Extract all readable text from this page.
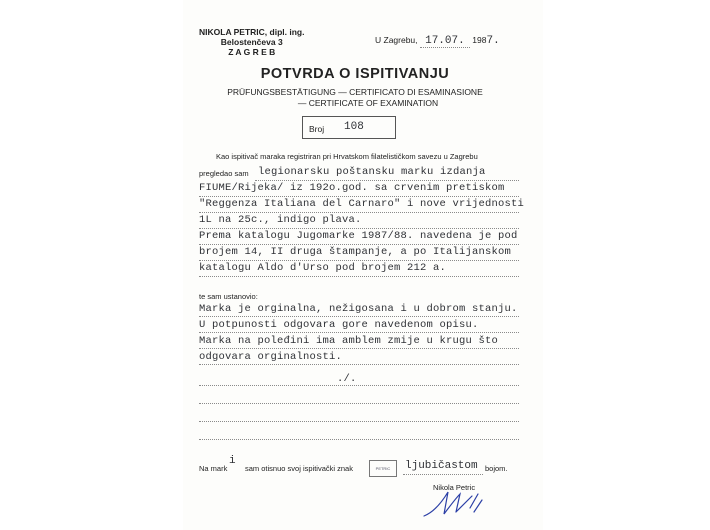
NIKOLA PETRIC, dipl. ing.
Belostenčeva 3
Z A G R E B
U Zagrebu, 17.07. 1987.
POTVRDA O ISPITIVANJU
PRÜFUNGSBESTÄTIGUNG — CERTIFICATO DI ESAMINASIONE
— CERTIFICATE OF EXAMINATION
Broj 108
Kao ispitivač maraka registriran pri Hrvatskom filatelističkom savezu u Zagrebu
pregledao sam legionarsku poštansku marku izdanja
FIUME/Rijeka/ iz 192o.god. sa crvenim pretiskom
"Reggenza Italiana del Carnaro" i nove vrijednosti
1L na 25c., indigo plava.
Prema katalogu Jugomarke 1987/88. navedena je pod
brojem 14, II druga štampanje, a po Italijanskom
katalogu Aldo d'Urso pod brojem 212 a.
te sam ustanovio:
Marka je orginalna, nežigosana i u dobrom stanju.
U potpunosti odgovara gore navedenom opisu.
Marka na poleđini ima amblem zmije u krugu što
odgovara orginalnosti.
./.
Na mark
i
sam otisnuo svoj ispitivački znak	PETRIC	ljubičastom bojom.
Nikola Petric
